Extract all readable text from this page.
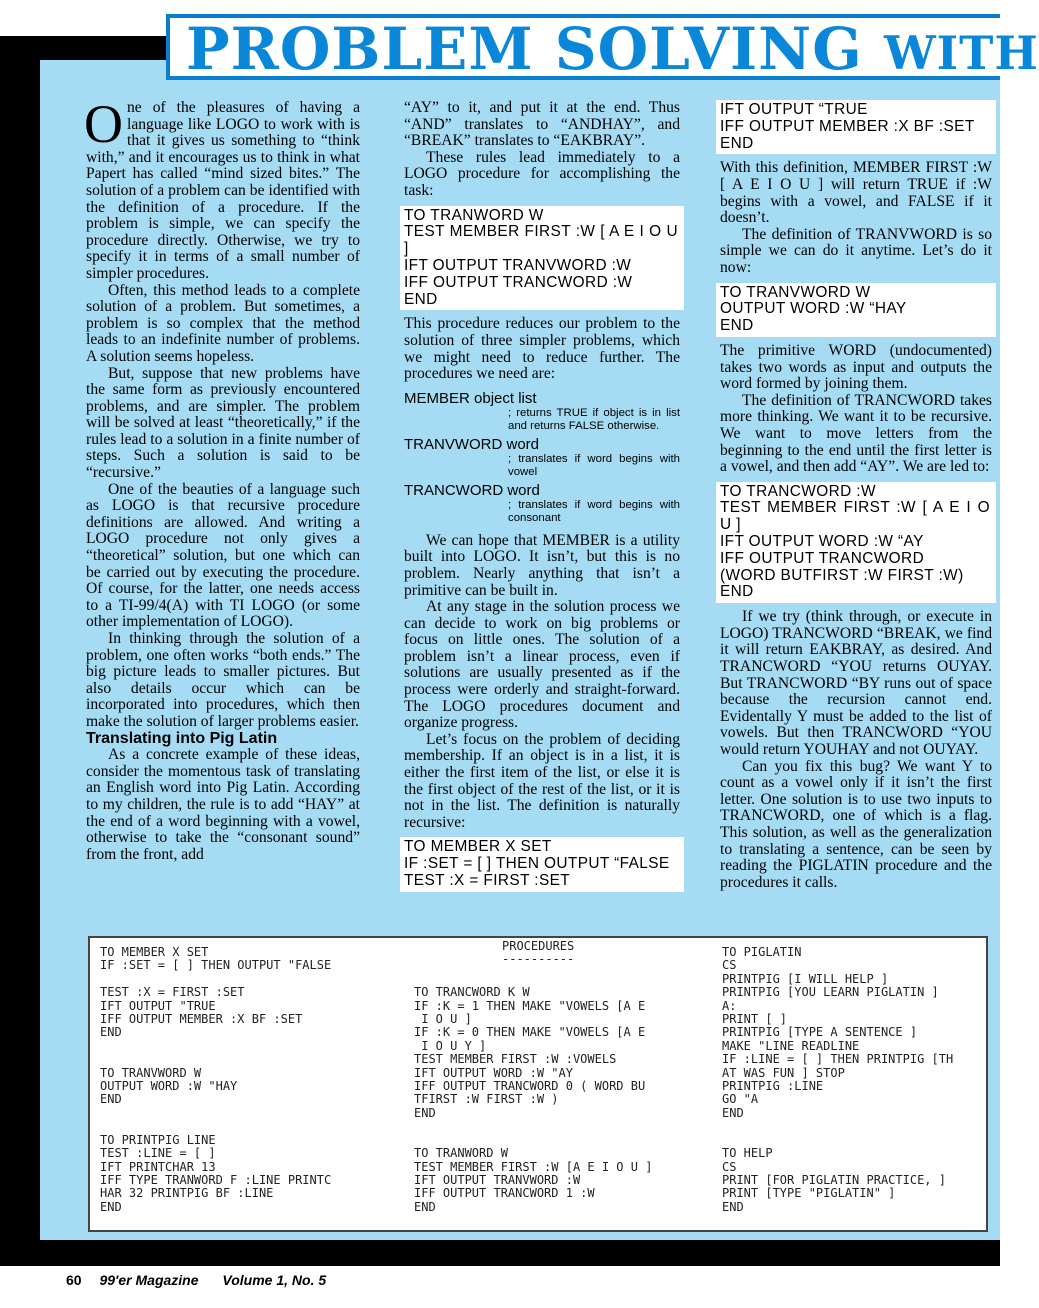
PROBLEM SOLVING WITH

One of the pleasures of having a language like LOGO to work with is that it gives us something to “think with,” and it encourages us to think in what Papert has called “mind sized bites.” The solution of a problem can be identified with the definition of a procedure. If the problem is simple, we can specify the procedure directly. Otherwise, we try to specify it in terms of a small number of simpler procedures.

Often, this method leads to a complete solution of a problem. But sometimes, a problem is so complex that the method leads to an indefinite number of problems. A solution seems hopeless.

But, suppose that new problems have the same form as previously encountered problems, and are simpler. The problem will be solved at least “theoretically,” if the rules lead to a solution in a finite number of steps. Such a solution is said to be “recursive.”

One of the beauties of a language such as LOGO is that recursive procedure definitions are allowed. And writing a LOGO procedure not only gives a “theoretical” solution, but one which can be carried out by executing the procedure. Of course, for the latter, one needs access to a TI-99/4(A) with TI LOGO (or some other implementation of LOGO).

In thinking through the solution of a problem, one often works “both ends.” The big picture leads to smaller pictures. But also details occur which can be incorporated into procedures, which then make the solution of larger problems easier.

Translating into Pig Latin

As a concrete example of these ideas, consider the momentous task of translating an English word into Pig Latin. According to my children, the rule is to add “HAY” at the end of a word beginning with a vowel, otherwise to take the “consonant sound” from the front, add

“AY” to it, and put it at the end. Thus “AND” translates to “ANDHAY”, and “BREAK” translates to “EAKBRAY”.

These rules lead immediately to a LOGO procedure for accomplishing the task:

TO TRANWORD W
TEST MEMBER FIRST :W [ A E I O U ]
IFT OUTPUT TRANVWORD :W
IFF OUTPUT TRANCWORD :W
END

This procedure reduces our problem to the solution of three simpler problems, which we might need to reduce further. The procedures we need are:

MEMBER object list
; returns TRUE if object is in list and returns FALSE otherwise.
TRANVWORD word
; translates if word begins with vowel
TRANCWORD word
; translates if word begins with consonant

We can hope that MEMBER is a utility built into LOGO. It isn’t, but this is no problem. Nearly anything that isn’t a primitive can be built in.

At any stage in the solution process we can decide to work on big problems or focus on little ones. The solution of a problem isn’t a linear process, even if solutions are usually presented as if the process were orderly and straight-forward. The LOGO procedures document and organize progress.

Let’s focus on the problem of deciding membership. If an object is in a list, it is either the first item of the list, or else it is the first object of the rest of the list, or it is not in the list. The definition is naturally recursive:

TO MEMBER X SET
IF :SET = [ ] THEN OUTPUT “FALSE
TEST :X = FIRST :SET
IFT OUTPUT “TRUE
IFF OUTPUT MEMBER :X BF :SET
END

With this definition, MEMBER FIRST :W [ A E I O U ] will return TRUE if :W begins with a vowel, and FALSE if it doesn’t.

The definition of TRANVWORD is so simple we can do it anytime. Let’s do it now:

TO TRANVWORD W
OUTPUT WORD :W “HAY
END

The primitive WORD (undocumented) takes two words as input and outputs the word formed by joining them.

The definition of TRANCWORD takes more thinking. We want it to be recursive. We want to move letters from the beginning to the end until the first letter is a vowel, and then add “AY”. We are led to:

TO TRANCWORD :W
TEST MEMBER FIRST :W [ A E I O U ]
IFT OUTPUT WORD :W “AY
IFF OUTPUT TRANCWORD
(WORD BUTFIRST :W FIRST :W)
END

If we try (think through, or execute in LOGO) TRANCWORD “BREAK, we find it will return EAKBRAY, as desired. And TRANCWORD “YOU returns OUYAY. But TRANCWORD “BY runs out of space because the recursion cannot end. Evidentally Y must be added to the list of vowels. But then TRANCWORD “YOU would return YOUHAY and not OUYAY.

Can you fix this bug? We want Y to count as a vowel only if it isn’t the first letter. One solution is to use two inputs to TRANCWORD, one of which is a flag. This solution, as well as the generalization to translating a sentence, can be seen by reading the PIGLATIN procedure and the procedures it calls.

PROCEDURES
----------
TO MEMBER X SET
IF :SET = [ ] THEN OUTPUT "FALSE

TEST :X = FIRST :SET
IFT OUTPUT "TRUE
IFF OUTPUT MEMBER :X BF :SET
END

TO TRANVWORD W
OUTPUT WORD :W "HAY
END

TO PRINTPIG LINE
TEST :LINE = [ ]
IFT PRINTCHAR 13
IFF TYPE TRANWORD F :LINE PRINTC
HAR 32 PRINTPIG BF :LINE
END

TO TRANCWORD K W
IF :K = 1 THEN MAKE "VOWELS [A E
I O U ]
IF :K = 0 THEN MAKE "VOWELS [A E
I O U Y ]
TEST MEMBER FIRST :W :VOWELS
IFT OUTPUT WORD :W "AY
IFF OUTPUT TRANCWORD 0 ( WORD BU
TFIRST :W FIRST :W )
END

TO TRANWORD W
TEST MEMBER FIRST :W [A E I O U ]
IFT OUTPUT TRANVWORD :W
IFF OUTPUT TRANCWORD 1 :W
END
TO PIGLATIN
CS
PRINTPIG [I WILL HELP ]
PRINTPIG [YOU LEARN PIGLATIN ]
A:
PRINT [ ]
PRINTPIG [TYPE A SENTENCE ]
MAKE "LINE READLINE
IF :LINE = [ ] THEN PRINTPIG [TH
AT WAS FUN ] STOP
PRINTPIG :LINE
GO "A
END

TO HELP
CS
PRINT [FOR PIGLATIN PRACTICE, ]
PRINT [TYPE "PIGLATIN" ]
END
60 99'er Magazine Volume 1, No. 5
